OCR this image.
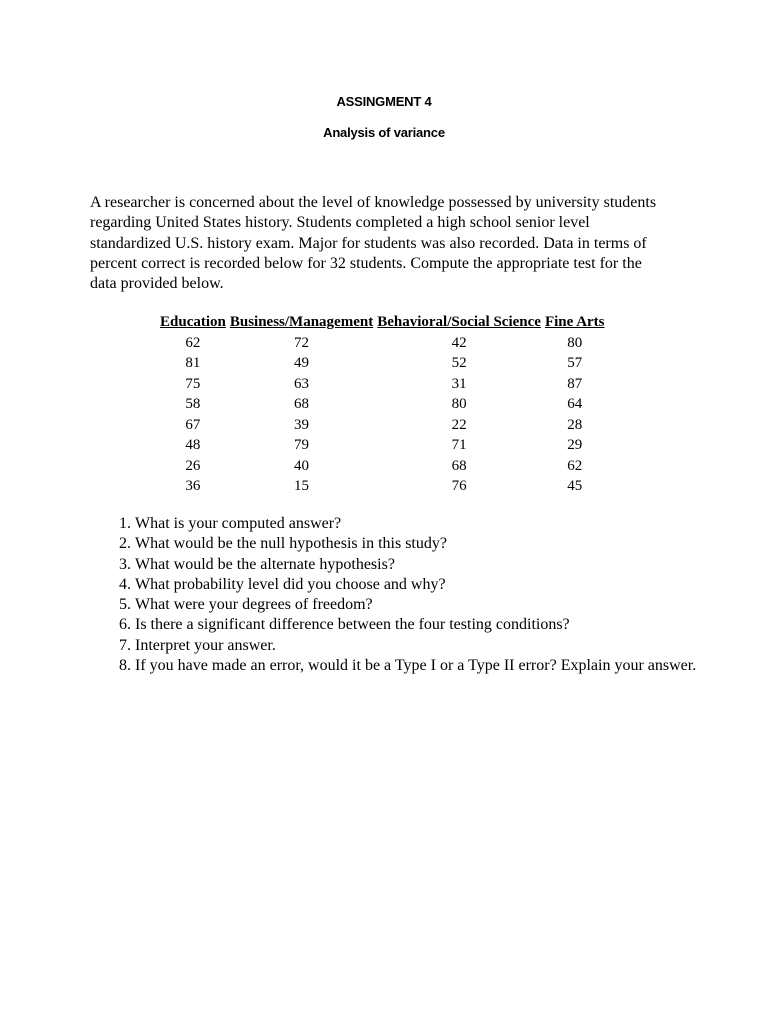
ASSINGMENT 4
Analysis of variance

A researcher is concerned about the level of knowledge possessed by university students regarding United States history. Students completed a high school senior level standardized U.S. history exam. Major for students was also recorded. Data in terms of percent correct is recorded below for 32 students. Compute the appropriate test for the data provided below.

Education	Business/Management	Behavioral/Social Science	Fine Arts
62	72	42	80
81	49	52	57
75	63	31	87
58	68	80	64
67	39	22	28
48	79	71	29
26	40	68	62
36	15	76	45
1. What is your computed answer?
2. What would be the null hypothesis in this study?
3. What would be the alternate hypothesis?
4. What probability level did you choose and why?
5. What were your degrees of freedom?
6. Is there a significant difference between the four testing conditions?
7. Interpret your answer.
8. If you have made an error, would it be a Type I or a Type II error? Explain your answer.
